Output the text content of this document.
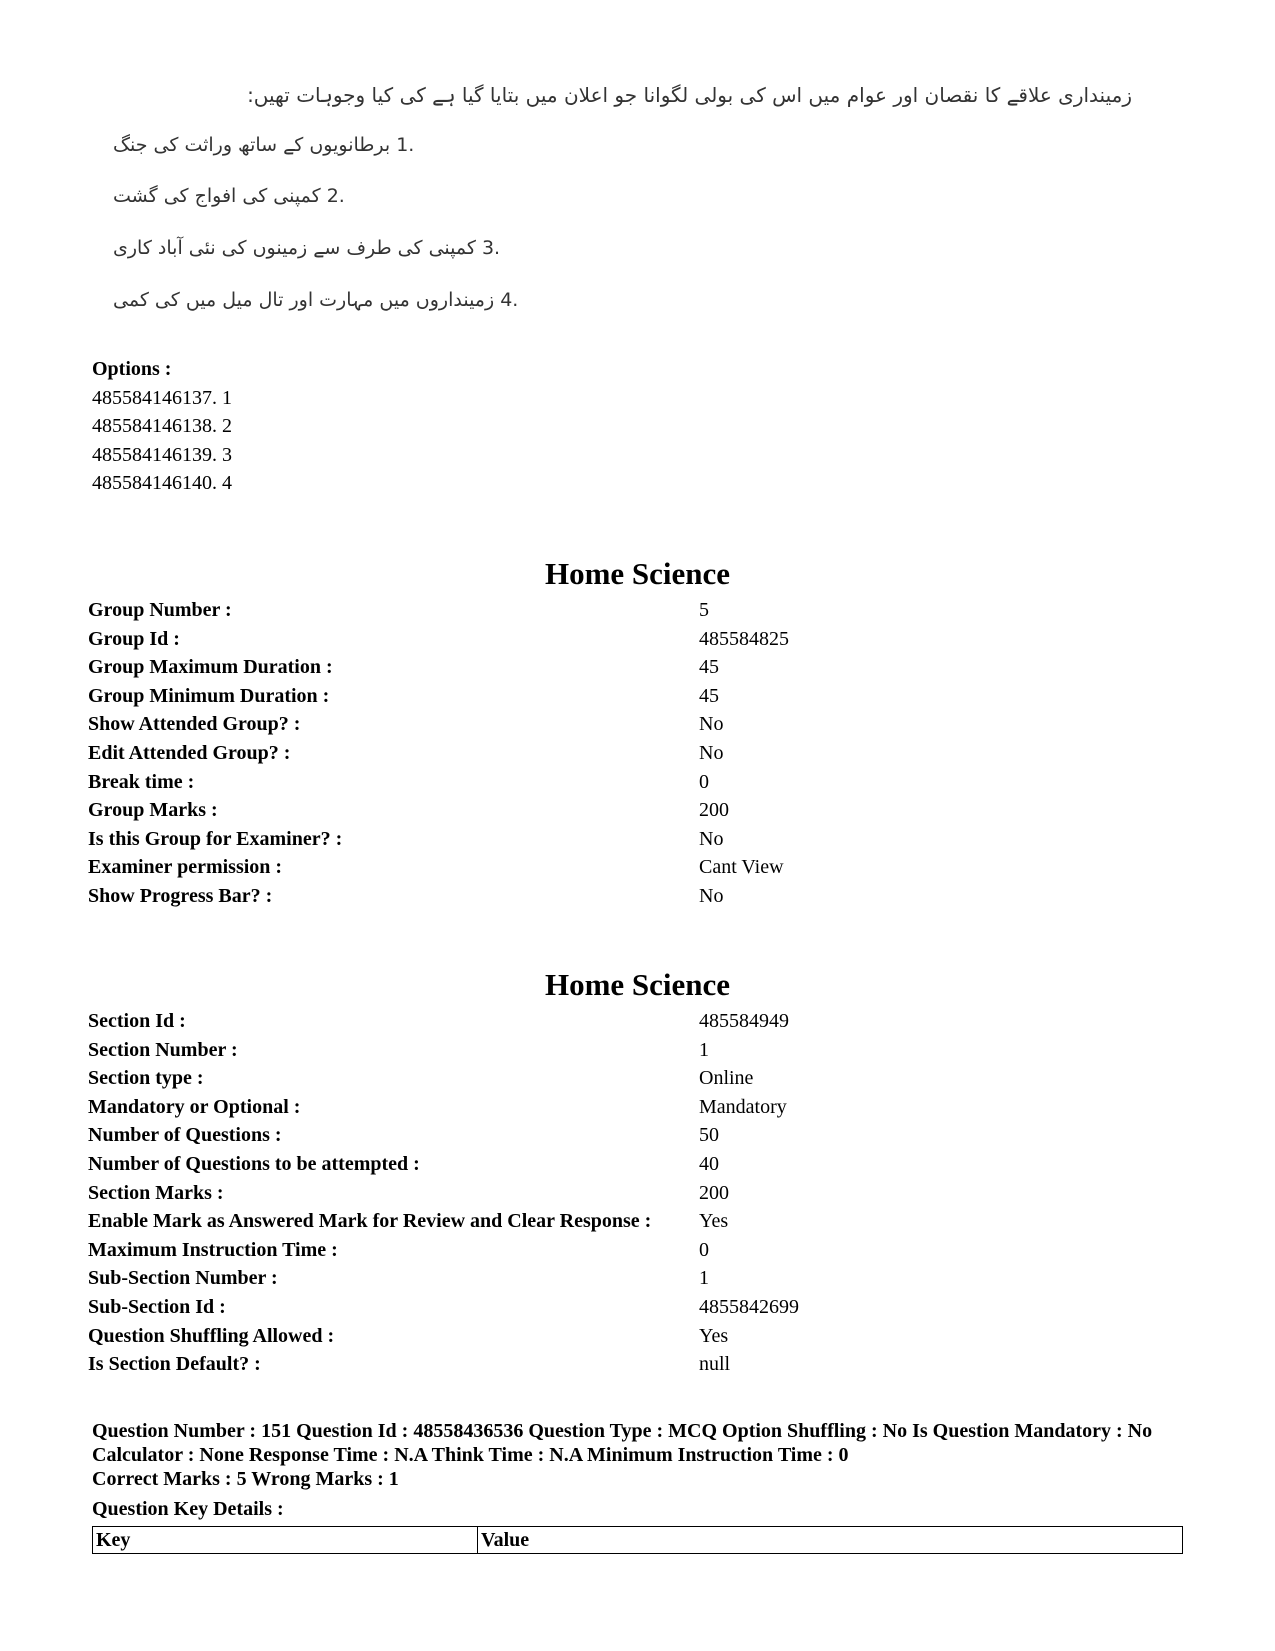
زمینداری علاقے کا نقصان اور عوام میں اس کی بولی لگوانا جو اعلان میں بتایا گیا ہے کی کیا وجوہات تھیں:
1. برطانویوں کے ساتھ وراثت کی جنگ
2. کمپنی کی افواج کی گشت
3. کمپنی کی طرف سے زمینوں کی نئی آباد کاری
4. زمینداروں میں مہارت اور تال میل میں کی کمی
Options :
485584146137. 1
485584146138. 2
485584146139. 3
485584146140. 4
Home Science
Group Number :	5
Group Id :	485584825
Group Maximum Duration :	45
Group Minimum Duration :	45
Show Attended Group? :	No
Edit Attended Group? :	No
Break time :	0
Group Marks :	200
Is this Group for Examiner? :	No
Examiner permission :	Cant View
Show Progress Bar? :	No
Home Science
Section Id :	485584949
Section Number :	1
Section type :	Online
Mandatory or Optional :	Mandatory
Number of Questions :	50
Number of Questions to be attempted :	40
Section Marks :	200
Enable Mark as Answered Mark for Review and Clear Response : Yes
Maximum Instruction Time :	0
Sub-Section Number :	1
Sub-Section Id :	4855842699
Question Shuffling Allowed :	Yes
Is Section Default? :	null
Question Number : 151 Question Id : 48558436536 Question Type : MCQ Option Shuffling : No Is Question Mandatory : No Calculator : None Response Time : N.A Think Time : N.A Minimum Instruction Time : 0
Correct Marks : 5 Wrong Marks : 1
Question Key Details :
Key	Value
